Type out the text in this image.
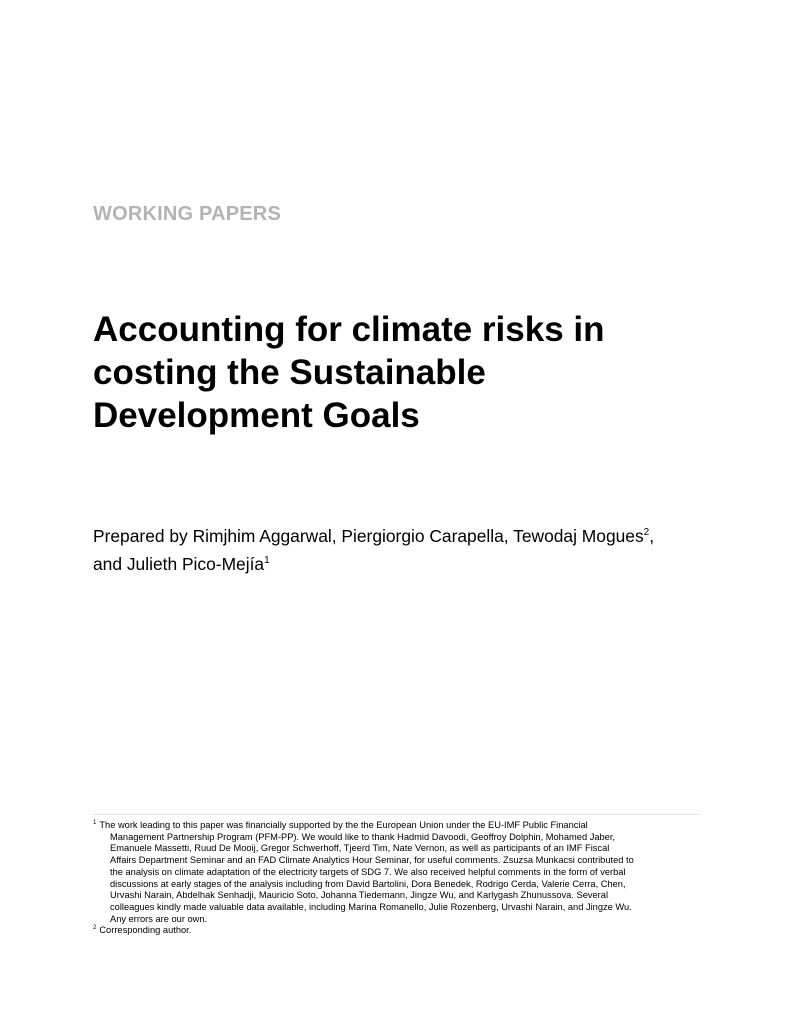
WORKING PAPERS
Accounting for climate risks in
costing the Sustainable
Development Goals
Prepared by Rimjhim Aggarwal, Piergiorgio Carapella, Tewodaj Mogues$^2$,
and Julieth Pico-Mejía$^1$
$^1$ The work leading to this paper was financially supported by the the European Union under the EU-IMF Public Financial
Management Partnership Program (PFM-PP). We would like to thank Hadmid Davoodi, Geoffroy Dolphin, Mohamed Jaber,
Emanuele Massetti, Ruud De Mooij, Gregor Schwerhoff, Tjeerd Tim, Nate Vernon, as well as participants of an IMF Fiscal
Affairs Department Seminar and an FAD Climate Analytics Hour Seminar, for useful comments. Zsuzsa Munkacsi contributed to
the analysis on climate adaptation of the electricity targets of SDG 7. We also received helpful comments in the form of verbal
discussions at early stages of the analysis including from David Bartolini, Dora Benedek, Rodrigo Cerda, Valerie Cerra, Chen,
Urvashi Narain, Abdelhak Senhadji, Mauricio Soto, Johanna Tiedemann, Jingze Wu, and Karlygash Zhunussova. Several
colleagues kindly made valuable data available, including Marina Romanello, Julie Rozenberg, Urvashi Narain, and Jingze Wu.
Any errors are our own.
$^2$ Corresponding author.
